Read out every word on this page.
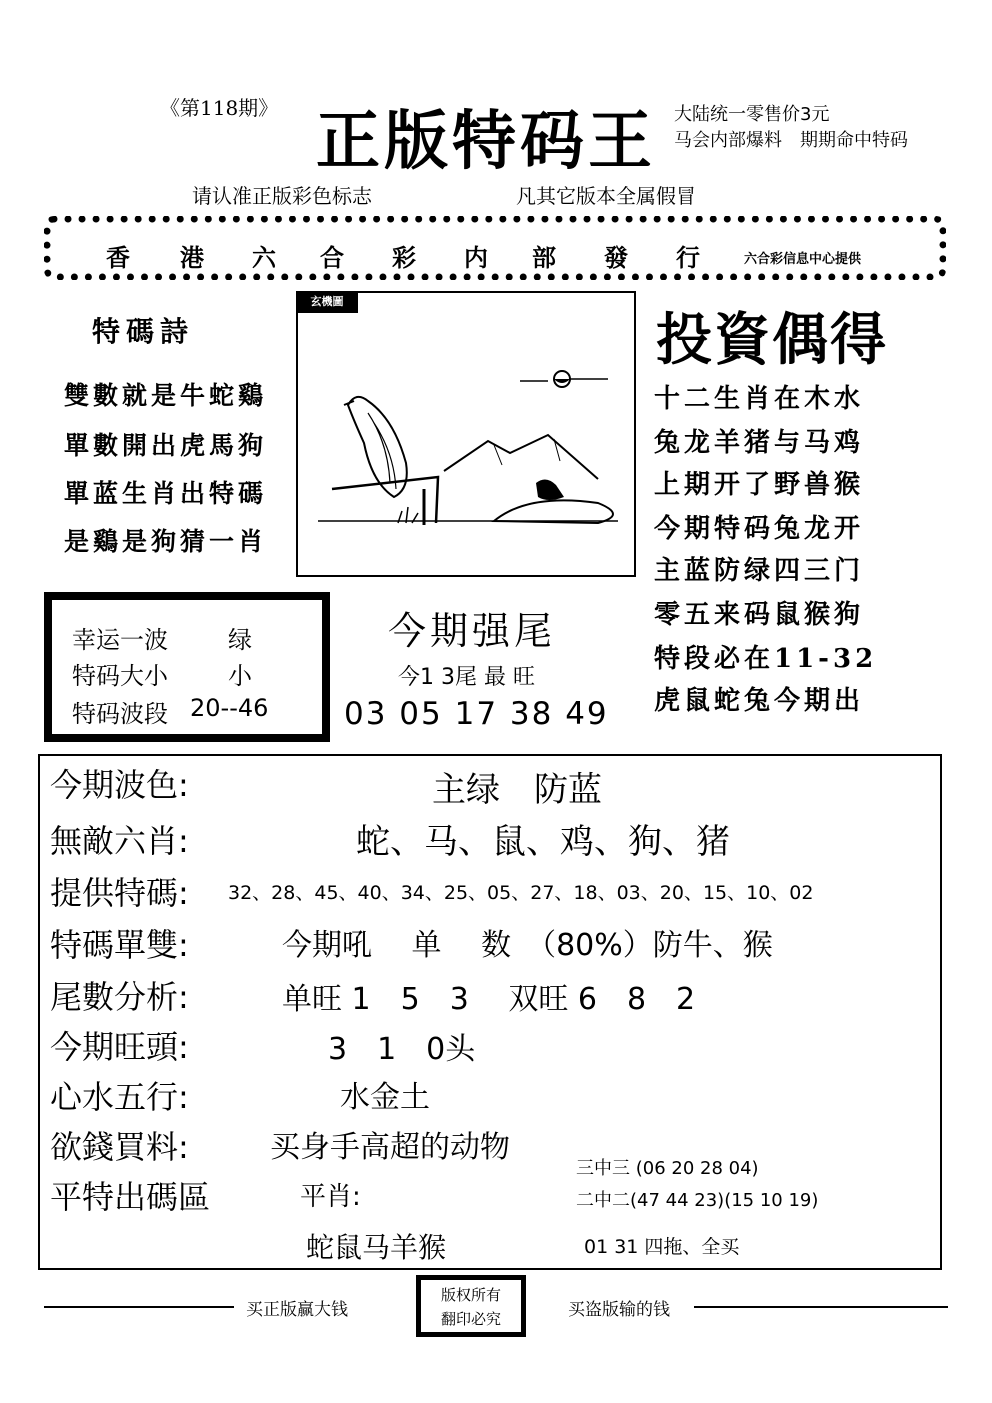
《第118期》 正版特码王 大陆统一零售价3元
马会内部爆料　期期命中特码
请认准正版彩色标志	凡其它版本全属假冒
香 港 六 合 彩 内 部 發 行	六合彩信息中心提供
特碼詩
雙數就是牛蛇鷄
單數開出虎馬狗
單蓝生肖出特碼
是鷄是狗猜一肖
玄機圖
投資偶得
十二生肖在木水
兔龙羊猪与马鸡
上期开了野兽猴
今期特码兔龙开
主蓝防绿四三门
零五来码鼠猴狗
特段必在11-32
虎鼠蛇兔今期出
幸运一波	绿
特码大小	小
特码波段 20--46
今期强尾
今1 3尾 最 旺
03 05 17 38 49
今期波色:	主绿　防蓝
無敵六肖:	蛇、马、鼠、鸡、狗、猪
提供特碼: 32、28、45、40、34、25、05、27、18、03、20、15、10、02
特碼單雙:	今期吼　 单　 数　（80%）防牛、猴
尾數分析:	单旺 1　5　3　 双旺 6　8　2
今期旺頭:	3　1　0头
心水五行:	水金土
欲錢買料:	买身手高超的动物
平特出碼區	平肖:
蛇鼠马羊猴
三中三 (06 20 28 04)
二中二(47 44 23)(15 10 19)
01 31 四拖、全买
买正版赢大钱
版权所有
翻印必究	买盗版输的钱
